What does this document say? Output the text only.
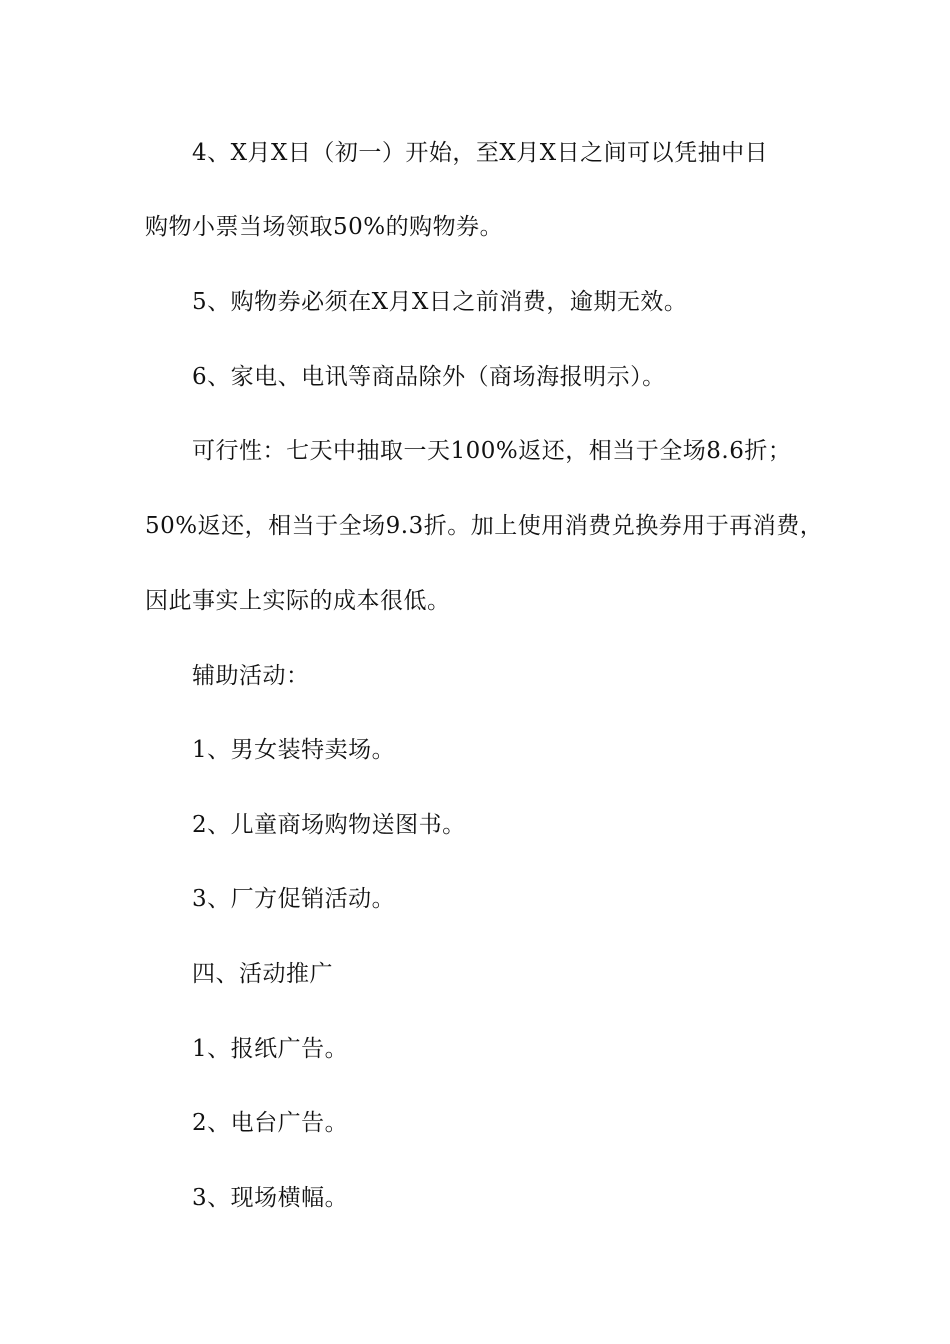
4、X月X日（初一）开始，至X月X日之间可以凭抽中日
购物小票当场领取50%的购物券。
5、购物券必须在X月X日之前消费，逾期无效。
6、家电、电讯等商品除外（商场海报明示）。
可行性：七天中抽取一天100%返还，相当于全场8.6折；
50%返还，相当于全场9.3折。加上使用消费兑换券用于再消费，
因此事实上实际的成本很低。
辅助活动：
1、男女装特卖场。
2、儿童商场购物送图书。
3、厂方促销活动。
四、活动推广
1、报纸广告。
2、电台广告。
3、现场横幅。
